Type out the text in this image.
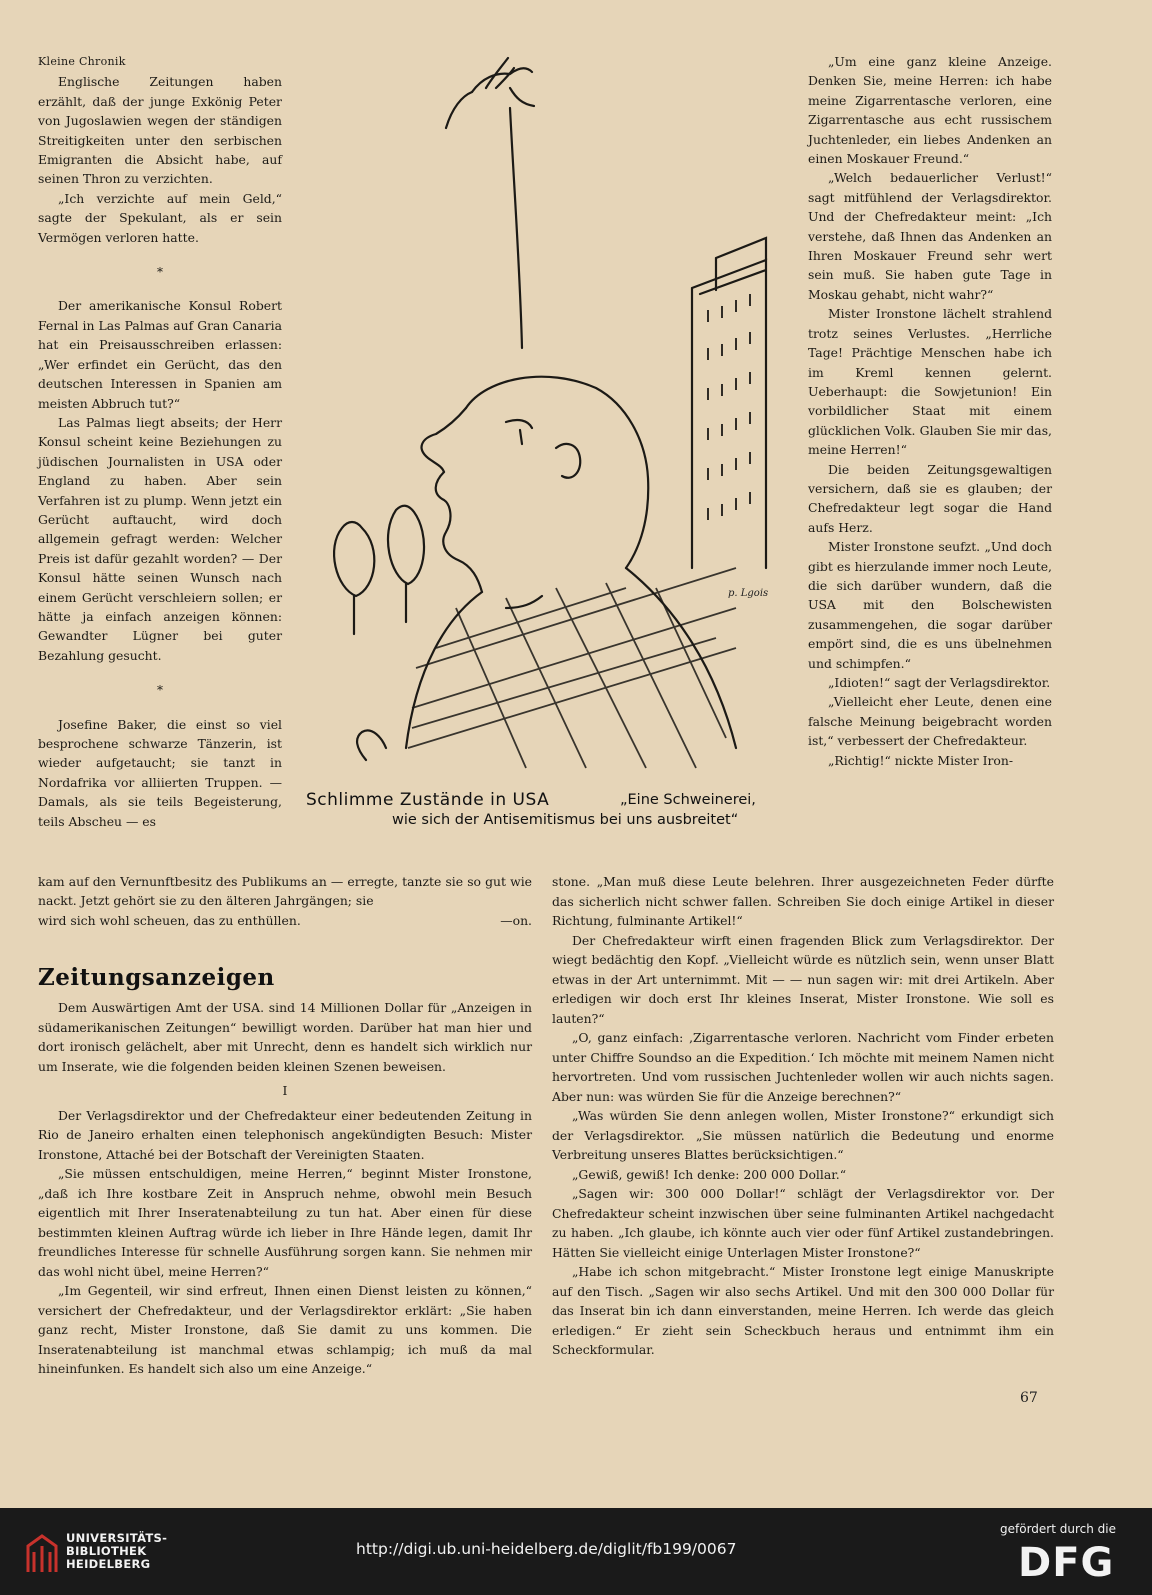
Kleine Chronik

Englische Zeitungen haben erzählt, daß der junge Exkönig Peter von Jugoslawien wegen der ständigen Streitigkeiten unter den serbischen Emigranten die Absicht habe, auf seinen Thron zu verzichten.

„Ich verzichte auf mein Geld,“ sagte der Spekulant, als er sein Vermögen verloren hatte.

*

Der amerikanische Konsul Robert Fernal in Las Palmas auf Gran Canaria hat ein Preisausschreiben erlassen: „Wer erfindet ein Gerücht, das den deutschen Interessen in Spanien am meisten Abbruch tut?“

Las Palmas liegt abseits; der Herr Konsul scheint keine Beziehungen zu jüdischen Journalisten in USA oder England zu haben. Aber sein Verfahren ist zu plump. Wenn jetzt ein Gerücht auftaucht, wird doch allgemein gefragt werden: Welcher Preis ist dafür gezahlt worden? — Der Konsul hätte seinen Wunsch nach einem Gerücht verschleiern sollen; er hätte ja einfach anzeigen können: Gewandter Lügner bei guter Bezahlung gesucht.

*

Josefine Baker, die einst so viel besprochene schwarze Tänzerin, ist wieder aufgetaucht; sie tanzt in Nordafrika vor alliierten Truppen. — Damals, als sie teils Begeisterung, teils Abscheu — es

p. Lgois
Schlimme Zustände in USA	„Eine Schweinerei,
wie sich der Antisemitismus bei uns ausbreitet“

„Um eine ganz kleine Anzeige. Denken Sie, meine Herren: ich habe meine Zigarrentasche verloren, eine Zigarrentasche aus echt russischem Juchtenleder, ein liebes Andenken an einen Moskauer Freund.“

„Welch bedauerlicher Verlust!“ sagt mitfühlend der Verlagsdirektor. Und der Chefredakteur meint: „Ich verstehe, daß Ihnen das Andenken an Ihren Moskauer Freund sehr wert sein muß. Sie haben gute Tage in Moskau gehabt, nicht wahr?“

Mister Ironstone lächelt strahlend trotz seines Verlustes. „Herrliche Tage! Prächtige Menschen habe ich im Kreml kennen gelernt. Ueberhaupt: die Sowjetunion! Ein vorbildlicher Staat mit einem glücklichen Volk. Glauben Sie mir das, meine Herren!“

Die beiden Zeitungsgewaltigen versichern, daß sie es glauben; der Chefredakteur legt sogar die Hand aufs Herz.

Mister Ironstone seufzt. „Und doch gibt es hierzulande immer noch Leute, die sich darüber wundern, daß die USA mit den Bolschewisten zusammengehen, die sogar darüber empört sind, die es uns übelnehmen und schimpfen.“

„Idioten!“ sagt der Verlagsdirektor.

„Vielleicht eher Leute, denen eine falsche Meinung beigebracht worden ist,“ verbessert der Chefredakteur.

„Richtig!“ nickte Mister Iron-

kam auf den Vernunftbesitz des Publikums an — erregte, tanzte sie so gut wie nackt. Jetzt gehört sie zu den älteren Jahrgängen; sie

wird sich wohl scheuen, das zu enthüllen.	—on.
Zeitungsanzeigen

Dem Auswärtigen Amt der USA. sind 14 Millionen Dollar für „Anzeigen in südamerikanischen Zeitungen“ bewilligt worden. Darüber hat man hier und dort ironisch gelächelt, aber mit Unrecht, denn es handelt sich wirklich nur um Inserate, wie die folgenden beiden kleinen Szenen beweisen.

I

Der Verlagsdirektor und der Chefredakteur einer bedeutenden Zeitung in Rio de Janeiro erhalten einen telephonisch angekündigten Besuch: Mister Ironstone, Attaché bei der Botschaft der Vereinigten Staaten.

„Sie müssen entschuldigen, meine Herren,“ beginnt Mister Ironstone, „daß ich Ihre kostbare Zeit in Anspruch nehme, obwohl mein Besuch eigentlich mit Ihrer Inseratenabteilung zu tun hat. Aber einen für diese bestimmten kleinen Auftrag würde ich lieber in Ihre Hände legen, damit Ihr freundliches Interesse für schnelle Ausführung sorgen kann. Sie nehmen mir das wohl nicht übel, meine Herren?“

„Im Gegenteil, wir sind erfreut, Ihnen einen Dienst leisten zu können,“ versichert der Chefredakteur, und der Verlagsdirektor erklärt: „Sie haben ganz recht, Mister Ironstone, daß Sie damit zu uns kommen. Die Inseratenabteilung ist manchmal etwas schlampig; ich muß da mal hineinfunken. Es handelt sich also um eine Anzeige.“

stone. „Man muß diese Leute belehren. Ihrer ausgezeichneten Feder dürfte das sicherlich nicht schwer fallen. Schreiben Sie doch einige Artikel in dieser Richtung, fulminante Artikel!“

Der Chefredakteur wirft einen fragenden Blick zum Verlagsdirektor. Der wiegt bedächtig den Kopf. „Vielleicht würde es nützlich sein, wenn unser Blatt etwas in der Art unternimmt. Mit — — nun sagen wir: mit drei Artikeln. Aber erledigen wir doch erst Ihr kleines Inserat, Mister Ironstone. Wie soll es lauten?“

„O, ganz einfach: ‚Zigarrentasche verloren. Nachricht vom Finder erbeten unter Chiffre Soundso an die Expedition.‘ Ich möchte mit meinem Namen nicht hervortreten. Und vom russischen Juchtenleder wollen wir auch nichts sagen. Aber nun: was würden Sie für die Anzeige berechnen?“

„Was würden Sie denn anlegen wollen, Mister Ironstone?“ erkundigt sich der Verlagsdirektor. „Sie müssen natürlich die Bedeutung und enorme Verbreitung unseres Blattes berücksichtigen.“

„Gewiß, gewiß! Ich denke: 200 000 Dollar.“

„Sagen wir: 300 000 Dollar!“ schlägt der Verlagsdirektor vor. Der Chefredakteur scheint inzwischen über seine fulminanten Artikel nachgedacht zu haben. „Ich glaube, ich könnte auch vier oder fünf Artikel zustandebringen. Hätten Sie vielleicht einige Unterlagen Mister Ironstone?“

„Habe ich schon mitgebracht.“ Mister Ironstone legt einige Manuskripte auf den Tisch. „Sagen wir also sechs Artikel. Und mit den 300 000 Dollar für das Inserat bin ich dann einverstanden, meine Herren. Ich werde das gleich erledigen.“ Er zieht sein Scheckbuch heraus und entnimmt ihm ein Scheckformular.

67
UNIVERSITÄTS-
BIBLIOTHEK
HEIDELBERG
http://digi.ub.uni-heidelberg.de/diglit/fb199/0067
gefördert durch die
DFG
